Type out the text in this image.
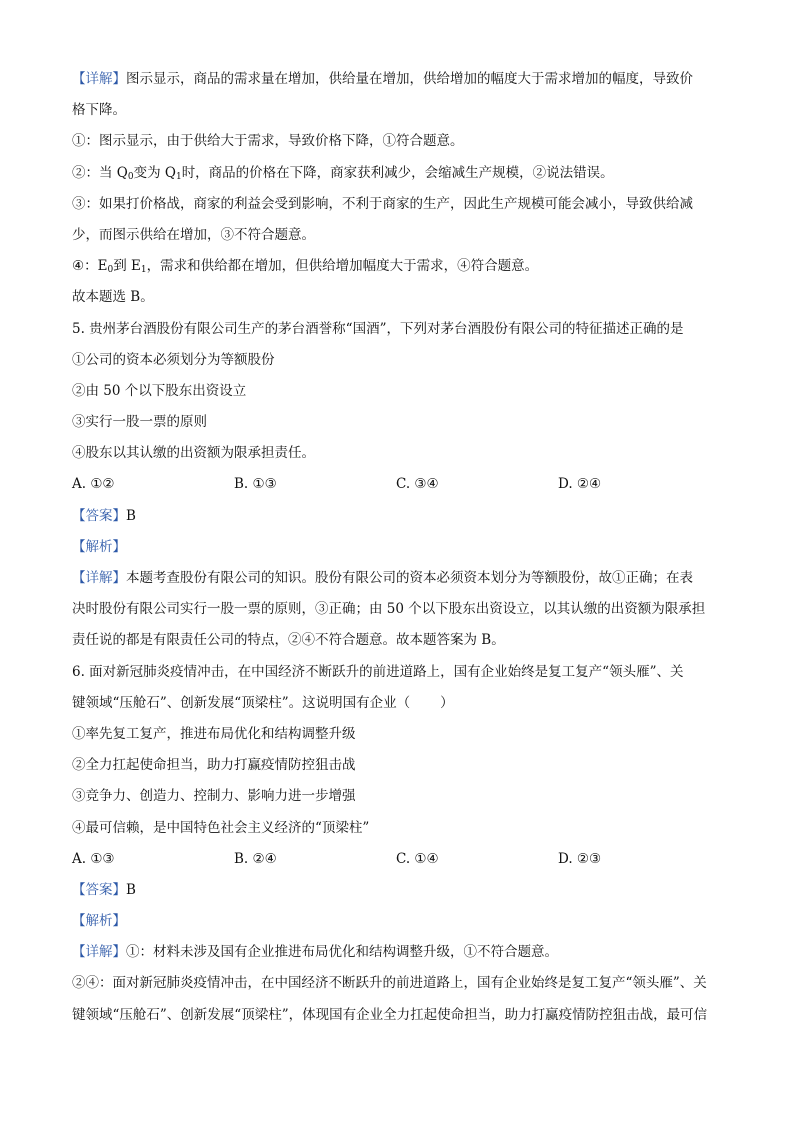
【详解】图示显示，商品的需求量在增加，供给量在增加，供给增加的幅度大于需求增加的幅度，导致价
格下降。
①：图示显示，由于供给大于需求，导致价格下降，①符合题意。
②：当 $Q_0$变为 $Q_1$时，商品的价格在下降，商家获利减少，会缩减生产规模，②说法错误。
③：如果打价格战，商家的利益会受到影响，不利于商家的生产，因此生产规模可能会减小，导致供给减
少，而图示供给在增加，③不符合题意。
④：$E_0$到 $E_1$，需求和供给都在增加，但供给增加幅度大于需求，④符合题意。
故本题选 B。
5. 贵州茅台酒股份有限公司生产的茅台酒誉称“国酒”，下列对茅台酒股份有限公司的特征描述正确的是
①公司的资本必须划分为等额股份
②由 50 个以下股东出资设立
③实行一股一票的原则
④股东以其认缴的出资额为限承担责任。
A. ①②	B. ①③	C. ③④	D. ②④
【答案】B
【解析】
【详解】本题考查股份有限公司的知识。股份有限公司的资本必须资本划分为等额股份，故①正确；在表
决时股份有限公司实行一股一票的原则，③正确；由 50 个以下股东出资设立，以其认缴的出资额为限承担
责任说的都是有限责任公司的特点，②④不符合题意。故本题答案为 B。
6. 面对新冠肺炎疫情冲击，在中国经济不断跃升的前进道路上，国有企业始终是复工复产“领头雁”、关
键领域“压舱石”、创新发展“顶梁柱”。这说明国有企业（ ）
①率先复工复产，推进布局优化和结构调整升级
②全力扛起使命担当，助力打赢疫情防控狙击战
③竞争力、创造力、控制力、影响力进一步增强
④最可信赖，是中国特色社会主义经济的“顶梁柱”
A. ①③	B. ②④	C. ①④	D. ②③
【答案】B
【解析】
【详解】①：材料未涉及国有企业推进布局优化和结构调整升级，①不符合题意。
②④：面对新冠肺炎疫情冲击，在中国经济不断跃升的前进道路上，国有企业始终是复工复产“领头雁”、关
键领域“压舱石”、创新发展“顶梁柱”，体现国有企业全力扛起使命担当，助力打赢疫情防控狙击战，最可信
